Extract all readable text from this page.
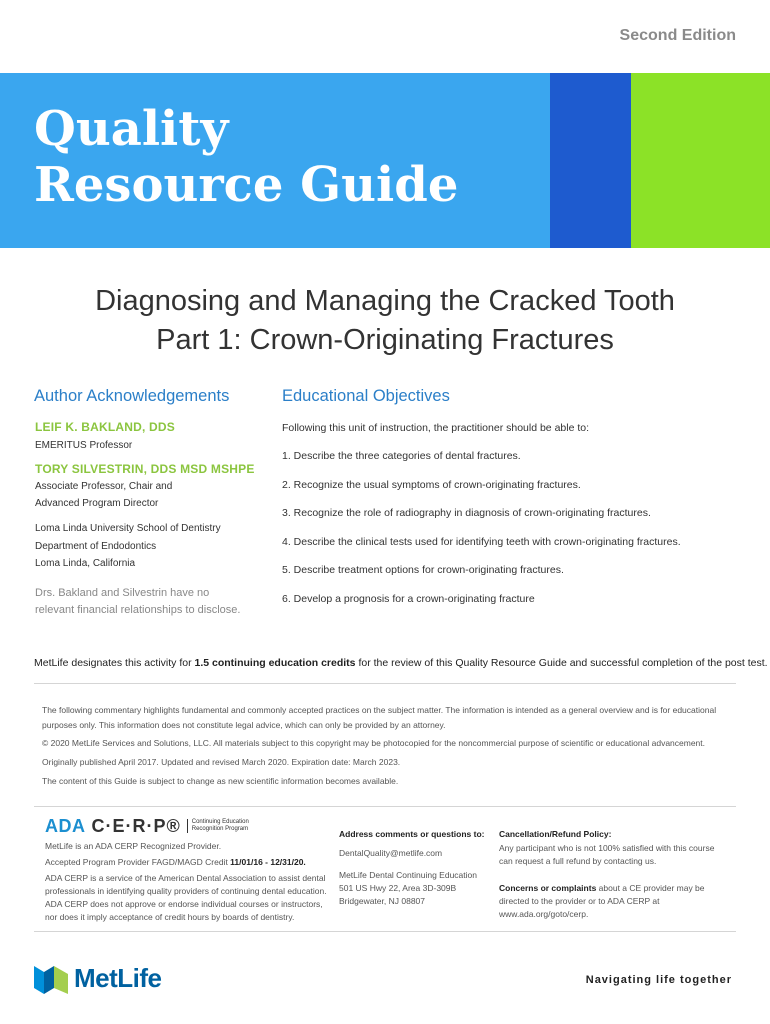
Second Edition
Quality
Resource Guide
Diagnosing and Managing the Cracked Tooth
Part 1: Crown-Originating Fractures
Author Acknowledgements
LEIF K. BAKLAND, DDS
EMERITUS Professor
TORY SILVESTRIN, DDS MSD MSHPE
Associate Professor, Chair and
Advanced Program Director
Loma Linda University School of Dentistry
Department of Endodontics
Loma Linda, California
Drs. Bakland and Silvestrin have no relevant financial relationships to disclose.
Educational Objectives
Following this unit of instruction, the practitioner should be able to:
1. Describe the three categories of dental fractures.
2. Recognize the usual symptoms of crown-originating fractures.
3. Recognize the role of radiography in diagnosis of crown-originating fractures.
4. Describe the clinical tests used for identifying teeth with crown-originating fractures.
5. Describe treatment options for crown-originating fractures.
6. Develop a prognosis for a crown-originating fracture
MetLife designates this activity for 1.5 continuing education credits for the review of this Quality Resource Guide and successful completion of the post test.
The following commentary highlights fundamental and commonly accepted practices on the subject matter. The information is intended as a general overview and is for educational purposes only. This information does not constitute legal advice, which can only be provided by an attorney.
© 2020 MetLife Services and Solutions, LLC. All materials subject to this copyright may be photocopied for the noncommercial purpose of scientific or educational advancement.
Originally published April 2017. Updated and revised March 2020. Expiration date: March 2023.
The content of this Guide is subject to change as new scientific information becomes available.
ADA C·E·R·P®	Continuing Education Recognition Program
MetLife is an ADA CERP Recognized Provider.
Accepted Program Provider FAGD/MAGD Credit 11/01/16 - 12/31/20.
ADA CERP is a service of the American Dental Association to assist dental professionals in identifying quality providers of continuing dental education. ADA CERP does not approve or endorse individual courses or instructors, nor does it imply acceptance of credit hours by boards of dentistry.
Address comments or questions to:
DentalQuality@metlife.com
MetLife Dental Continuing Education
501 US Hwy 22, Area 3D-309B
Bridgewater, NJ 08807
Cancellation/Refund Policy:
Any participant who is not 100% satisfied with this course can request a full refund by contacting us.
Concerns or complaints about a CE provider may be directed to the provider or to ADA CERP at www.ada.org/goto/cerp.
MetLife	Navigating life together
